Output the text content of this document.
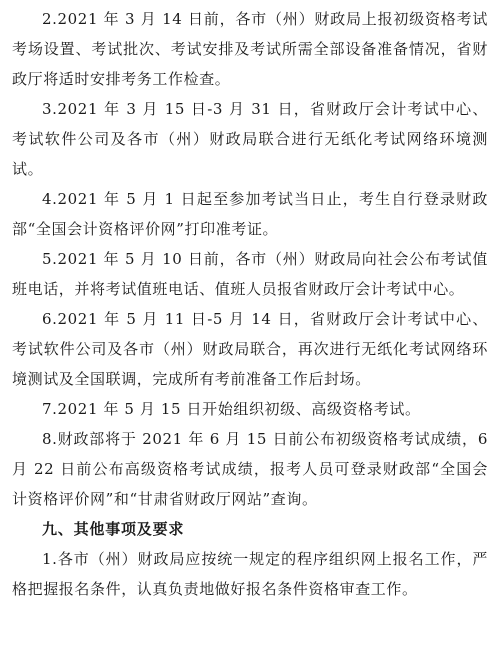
2.2021 年 3 月 14 日前，各市（州）财政局上报初级资格考试考场设置、考试批次、考试安排及考试所需全部设备准备情况，省财政厅将适时安排考务工作检查。

3.2021 年 3 月 15 日-3 月 31 日，省财政厅会计考试中心、考试软件公司及各市（州）财政局联合进行无纸化考试网络环境测试。

4.2021 年 5 月 1 日起至参加考试当日止，考生自行登录财政部“全国会计资格评价网”打印准考证。

5.2021 年 5 月 10 日前，各市（州）财政局向社会公布考试值班电话，并将考试值班电话、值班人员报省财政厅会计考试中心。

6.2021 年 5 月 11 日-5 月 14 日，省财政厅会计考试中心、考试软件公司及各市（州）财政局联合，再次进行无纸化考试网络环境测试及全国联调，完成所有考前准备工作后封场。

7.2021 年 5 月 15 日开始组织初级、高级资格考试。

8.财政部将于 2021 年 6 月 15 日前公布初级资格考试成绩，6 月 22 日前公布高级资格考试成绩，报考人员可登录财政部“全国会计资格评价网”和“甘肃省财政厅网站”查询。

九、其他事项及要求

1.各市（州）财政局应按统一规定的程序组织网上报名工作，严格把握报名条件，认真负责地做好报名条件资格审查工作。
